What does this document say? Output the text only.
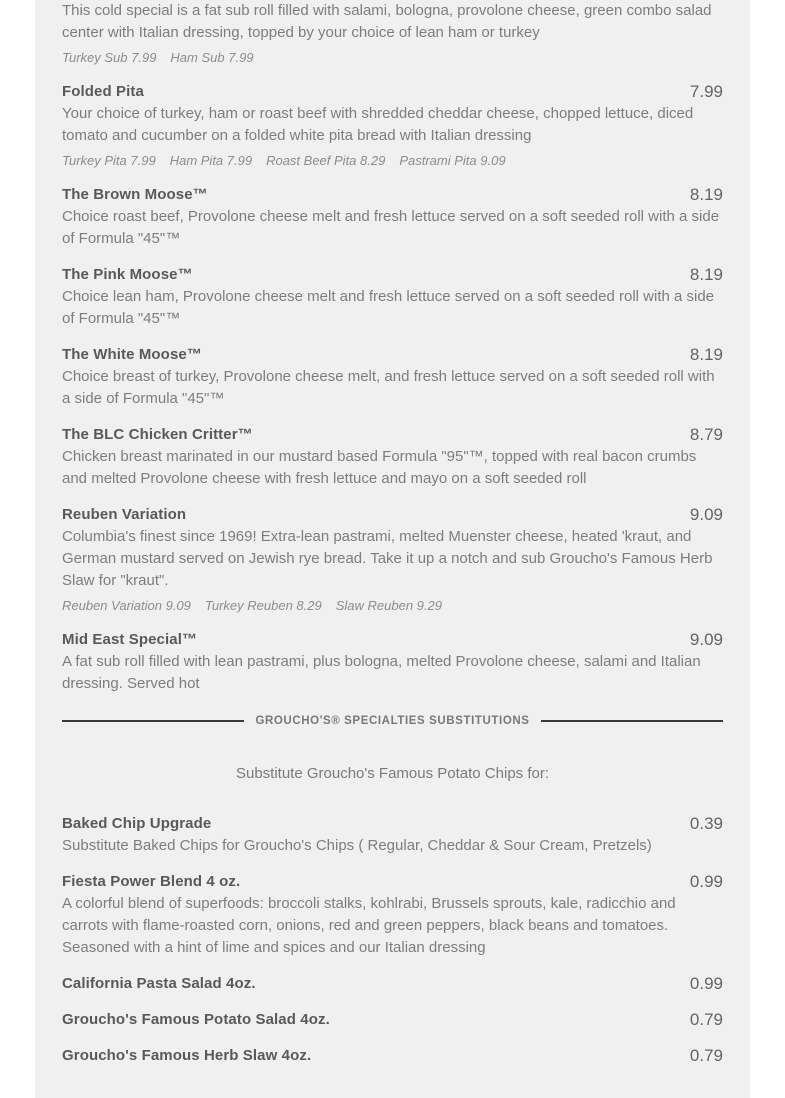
This cold special is a fat sub roll filled with salami, bologna, provolone cheese, green combo salad center with Italian dressing, topped by your choice of lean ham or turkey
Turkey Sub 7.99 Ham Sub 7.99
Folded Pita	7.99
Your choice of turkey, ham or roast beef with shredded cheddar cheese, chopped lettuce, diced tomato and cucumber on a folded white pita bread with Italian dressing
Turkey Pita 7.99 Ham Pita 7.99 Roast Beef Pita 8.29 Pastrami Pita 9.09
The Brown Moose™	8.19
Choice roast beef, Provolone cheese melt and fresh lettuce served on a soft seeded roll with a side of Formula "45"™
The Pink Moose™	8.19
Choice lean ham, Provolone cheese melt and fresh lettuce served on a soft seeded roll with a side of Formula "45"™
The White Moose™	8.19
Choice breast of turkey, Provolone cheese melt, and fresh lettuce served on a soft seeded roll with a side of Formula "45"™
The BLC Chicken Critter™	8.79
Chicken breast marinated in our mustard based Formula "95"™, topped with real bacon crumbs and melted Provolone cheese with fresh lettuce and mayo on a soft seeded roll
Reuben Variation	9.09
Columbia's finest since 1969! Extra-lean pastrami, melted Muenster cheese, heated 'kraut, and German mustard served on Jewish rye bread. Take it up a notch and sub Groucho's Famous Herb Slaw for "kraut".
Reuben Variation 9.09 Turkey Reuben 8.29 Slaw Reuben 9.29
Mid East Special™	9.09
A fat sub roll filled with lean pastrami, plus bologna, melted Provolone cheese, salami and Italian dressing. Served hot
GROUCHO'S® SPECIALTIES SUBSTITUTIONS
Substitute Groucho's Famous Potato Chips for:
Baked Chip Upgrade	0.39
Substitute Baked Chips for Groucho's Chips ( Regular, Cheddar & Sour Cream, Pretzels)
Fiesta Power Blend 4 oz.	0.99
A colorful blend of superfoods: broccoli stalks, kohlrabi, Brussels sprouts, kale, radicchio and carrots with flame-roasted corn, onions, red and green peppers, black beans and tomatoes. Seasoned with a hint of lime and spices and our Italian dressing
California Pasta Salad 4oz.	0.99
Groucho's Famous Potato Salad 4oz.	0.79
Groucho's Famous Herb Slaw 4oz.	0.79
